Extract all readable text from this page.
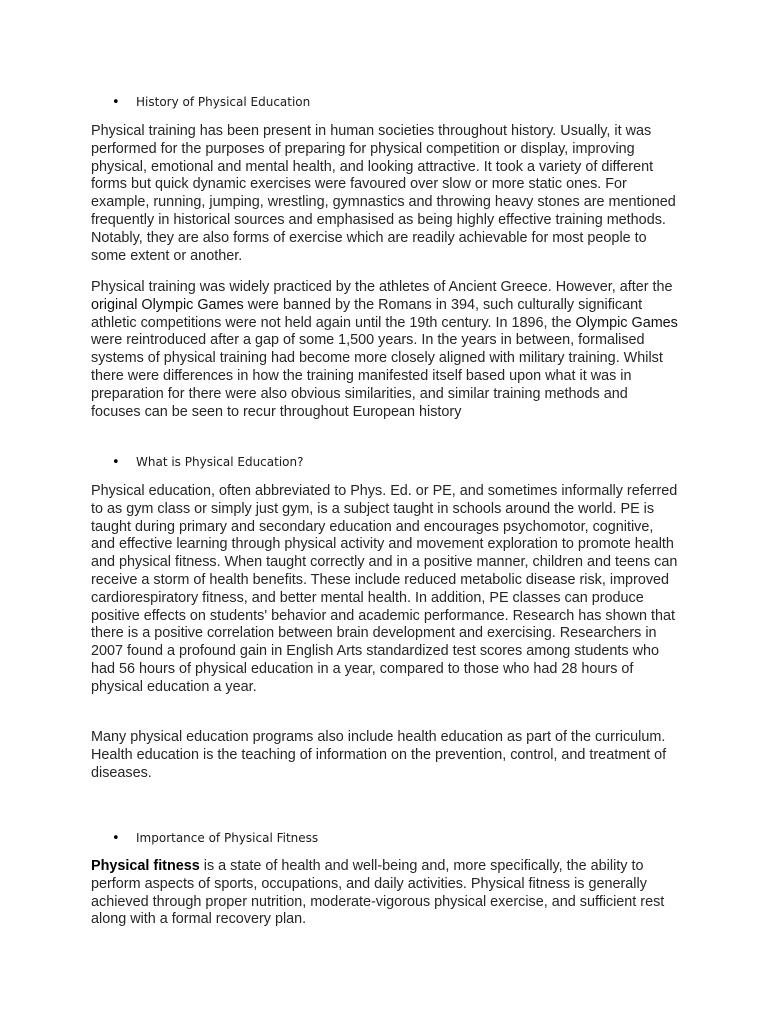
• History of Physical Education

Physical training has been present in human societies throughout history. Usually, it was performed for the purposes of preparing for physical competition or display, improving physical, emotional and mental health, and looking attractive. It took a variety of different forms but quick dynamic exercises were favoured over slow or more static ones. For example, running, jumping, wrestling, gymnastics and throwing heavy stones are mentioned frequently in historical sources and emphasised as being highly effective training methods. Notably, they are also forms of exercise which are readily achievable for most people to some extent or another.

Physical training was widely practiced by the athletes of Ancient Greece. However, after the original Olympic Games were banned by the Romans in 394, such culturally significant athletic competitions were not held again until the 19th century. In 1896, the Olympic Games were reintroduced after a gap of some 1,500 years. In the years in between, formalised systems of physical training had become more closely aligned with military training. Whilst there were differences in how the training manifested itself based upon what it was in preparation for there were also obvious similarities, and similar training methods and focuses can be seen to recur throughout European history

• What is Physical Education?

Physical education, often abbreviated to Phys. Ed. or PE, and sometimes informally referred to as gym class or simply just gym, is a subject taught in schools around the world. PE is taught during primary and secondary education and encourages psychomotor, cognitive, and effective learning through physical activity and movement exploration to promote health and physical fitness. When taught correctly and in a positive manner, children and teens can receive a storm of health benefits. These include reduced metabolic disease risk, improved cardiorespiratory fitness, and better mental health. In addition, PE classes can produce positive effects on students' behavior and academic performance. Research has shown that there is a positive correlation between brain development and exercising. Researchers in 2007 found a profound gain in English Arts standardized test scores among students who had 56 hours of physical education in a year, compared to those who had 28 hours of physical education a year.

Many physical education programs also include health education as part of the curriculum. Health education is the teaching of information on the prevention, control, and treatment of diseases.

• Importance of Physical Fitness

Physical fitness is a state of health and well-being and, more specifically, the ability to perform aspects of sports, occupations, and daily activities. Physical fitness is generally achieved through proper nutrition, moderate-vigorous physical exercise, and sufficient rest along with a formal recovery plan.
